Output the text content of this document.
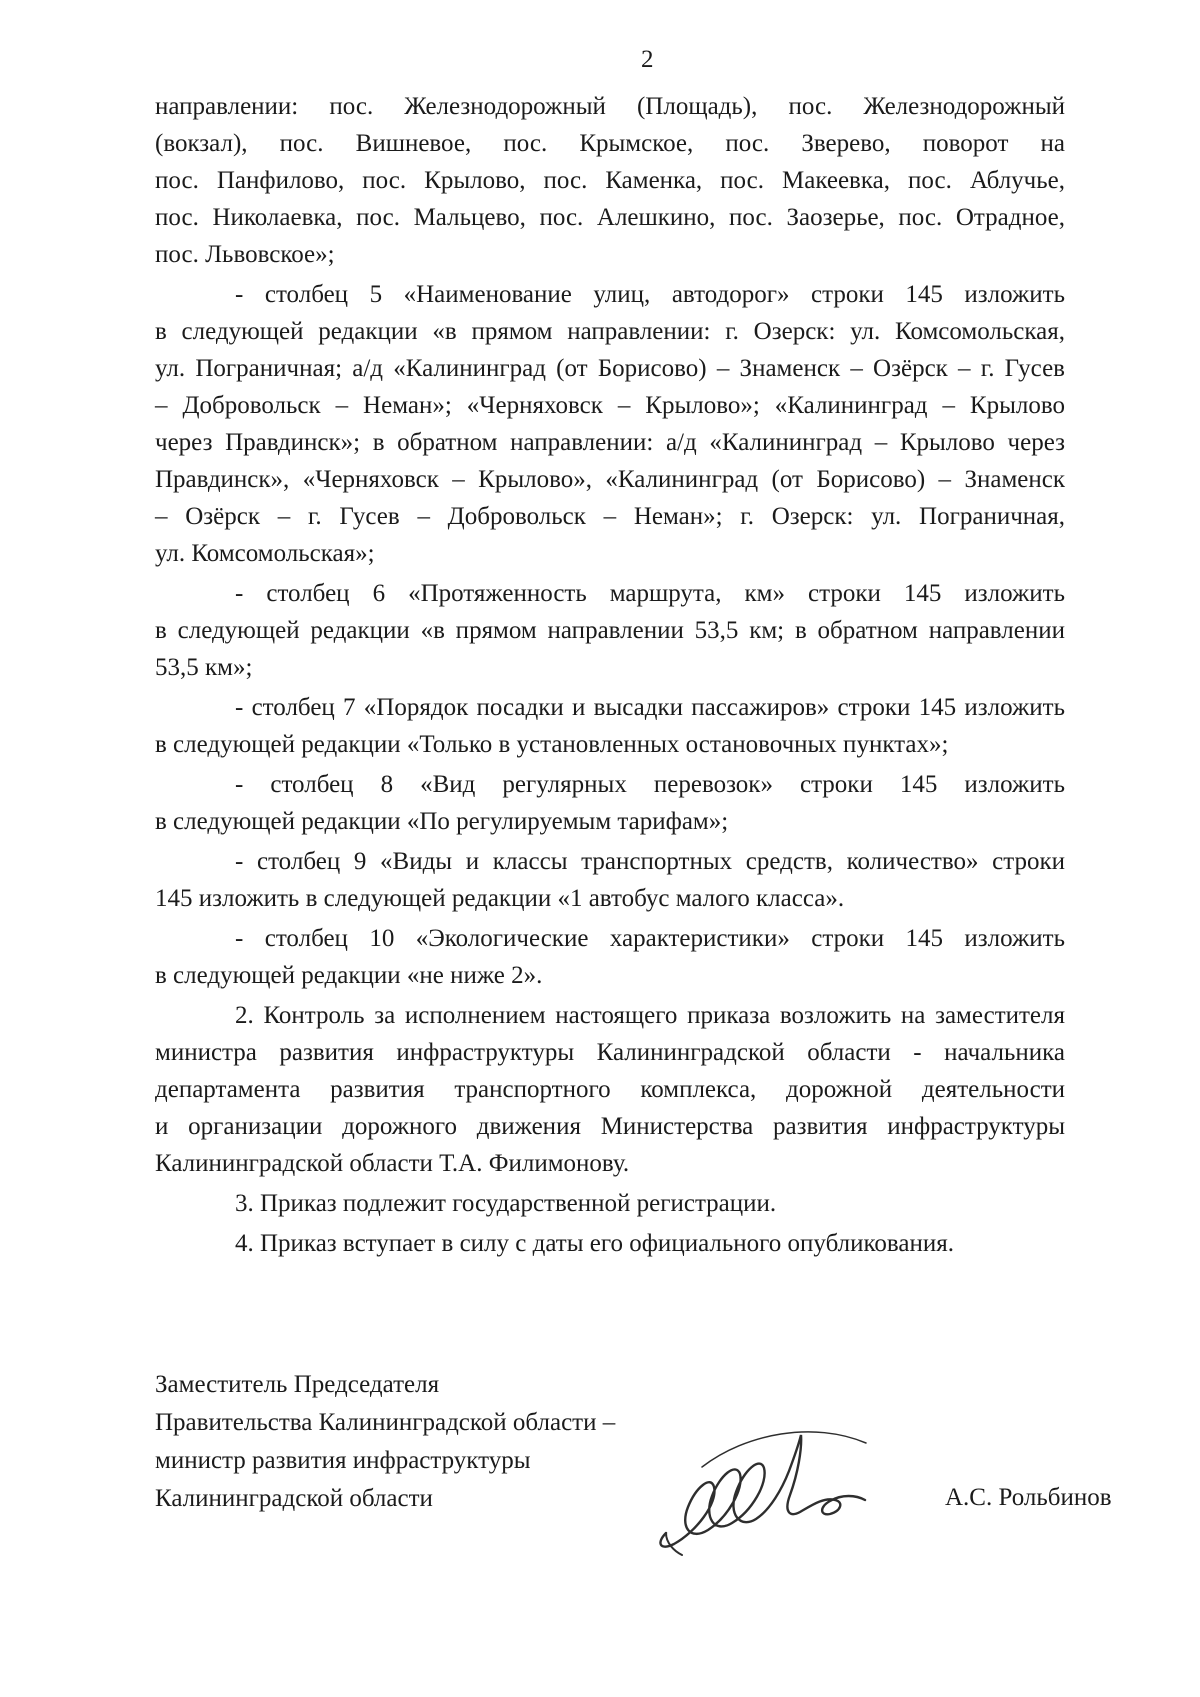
2
направлении: пос. Железнодорожный (Площадь), пос. Железнодорожный
(вокзал), пос. Вишневое, пос. Крымское, пос. Зверево, поворот на
пос. Панфилово, пос. Крылово, пос. Каменка, пос. Макеевка, пос. Аблучье,
пос. Николаевка, пос. Мальцево, пос. Алешкино, пос. Заозерье, пос. Отрадное,
пос. Львовское»;
- столбец 5 «Наименование улиц, автодорог» строки 145 изложить
в следующей редакции «в прямом направлении: г. Озерск: ул. Комсомольская,
ул. Пограничная; а/д «Калининград (от Борисово) – Знаменск – Озёрск – г. Гусев
– Добровольск – Неман»; «Черняховск – Крылово»; «Калининград – Крылово
через Правдинск»; в обратном направлении: а/д «Калининград – Крылово через
Правдинск», «Черняховск – Крылово», «Калининград (от Борисово) – Знаменск
– Озёрск – г. Гусев – Добровольск – Неман»; г. Озерск: ул. Пограничная,
ул. Комсомольская»;
- столбец 6 «Протяженность маршрута, км» строки 145 изложить
в следующей редакции «в прямом направлении 53,5 км; в обратном направлении
53,5 км»;
- столбец 7 «Порядок посадки и высадки пассажиров» строки 145 изложить
в следующей редакции «Только в установленных остановочных пунктах»;
- столбец 8 «Вид регулярных перевозок» строки 145 изложить
в следующей редакции «По регулируемым тарифам»;
- столбец 9 «Виды и классы транспортных средств, количество» строки
145 изложить в следующей редакции «1 автобус малого класса».
- столбец 10 «Экологические характеристики» строки 145 изложить
в следующей редакции «не ниже 2».
2. Контроль за исполнением настоящего приказа возложить на заместителя
министра развития инфраструктуры Калининградской области - начальника
департамента развития транспортного комплекса, дорожной деятельности
и организации дорожного движения Министерства развития инфраструктуры
Калининградской области Т.А. Филимонову.
3. Приказ подлежит государственной регистрации.
4. Приказ вступает в силу с даты его официального опубликования.
Заместитель Председателя
Правительства Калининградской области –
министр развития инфраструктуры
Калининградской области	А.С. Рольбинов
